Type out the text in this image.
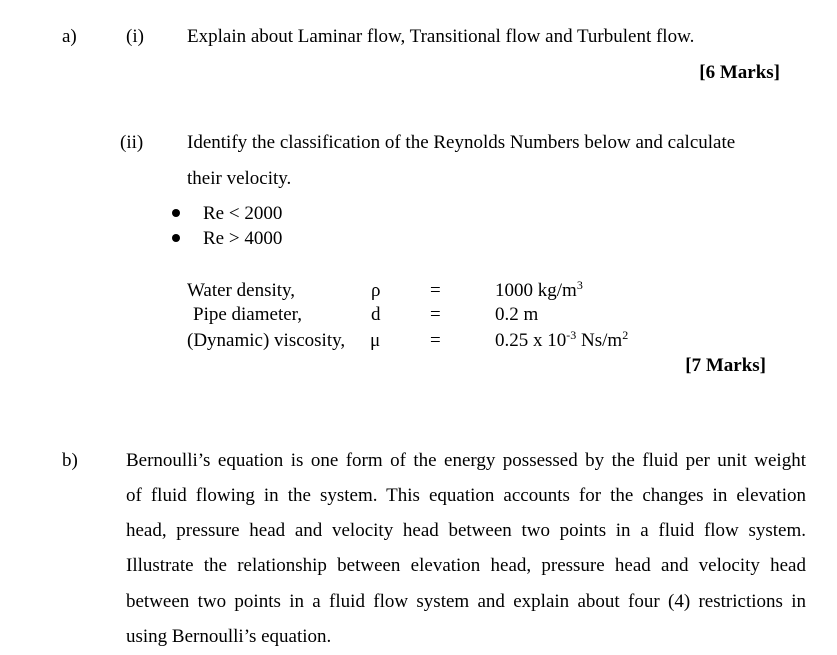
a)	(i) Explain about Laminar flow, Transitional flow and Turbulent flow.
[6 Marks]
(ii) Identify the classification of the Reynolds Numbers below and calculate
their velocity.
Re < 2000
Re > 4000
Water density,	ρ	=	1000 $kg/m^3$
Pipe diameter,	d	=	0.2 m
(Dynamic) viscosity, μ	=	0.25 x $10^{-3}$ $Ns/m^2$
[7 Marks]
b)	Bernoulli’s equation is one form of the energy possessed by the fluid per unit weight
of fluid flowing in the system. This equation accounts for the changes in elevation
head, pressure head and velocity head between two points in a fluid flow system.
Illustrate the relationship between elevation head, pressure head and velocity head
between two points in a fluid flow system and explain about four (4) restrictions in
using Bernoulli’s equation.
